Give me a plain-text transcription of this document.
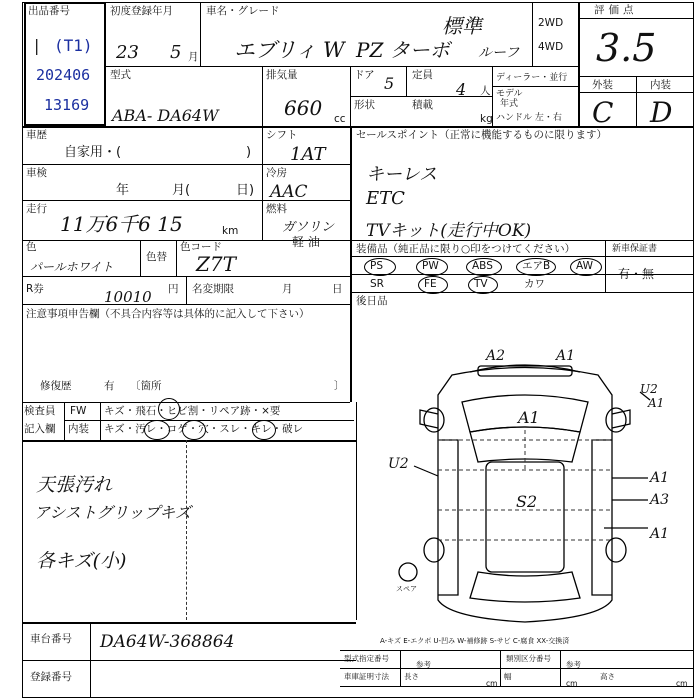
出品番号
| (T1)
202406
13169
初度登録年月
23 5 月
車名・グレード
エブリィ W PZ ターボ
標準
ルーフ
2WD
4WD
評価点
3.5
外装	内装
C D
型式
ABA- DA64W
排気量
660 cc
ドア 5 定員
4 人
形状	積載
kg
ディーラー・並行
モデル
年式
ハンドル 左・右
車歴
自家用・(	)
シフト
1AT
車検
年	月(	日)
冷房
AAC
走行
11万6千6 15	km
燃料
ガソリン
軽 油
色
パールホワイト
色替
色コード
Z7T
セールスポイント（正常に機能するものに限ります）
キーレス
ETC
TVキット(走行中OK)
装備品（純正品に限り○印をつけてください）	新車保証書
有・無
PS	PW	ABS	エアB AW
SR	FE	TV	カワ
R券	10010 円 名変期限	月	日
後日品
注意事項申告欄（不具合内容等は具体的に記入して下さい）
修復歴	有 〔箇所	〕
検査員
記入欄
FW キズ・飛石・ヒビ割・リペア跡・×要
内装 キズ・汚レ・コゲ・穴・スレ・キレ・破レ
天張汚れ
アシストグリップキズ
各キズ(小)
A2	A1
U2
A1
A1
U2
A1
A3
A1
S2
スペア
車台番号 DA64W-368864
登録番号
A-キズ E-エクボ U-凹み W-補修跡 S-サビ C-腐食 XX-交換済
型式指定番号
参考
類別区分番号
参考
車庫証明寸法 長さ	幅	高さ
cm	cm	cm
